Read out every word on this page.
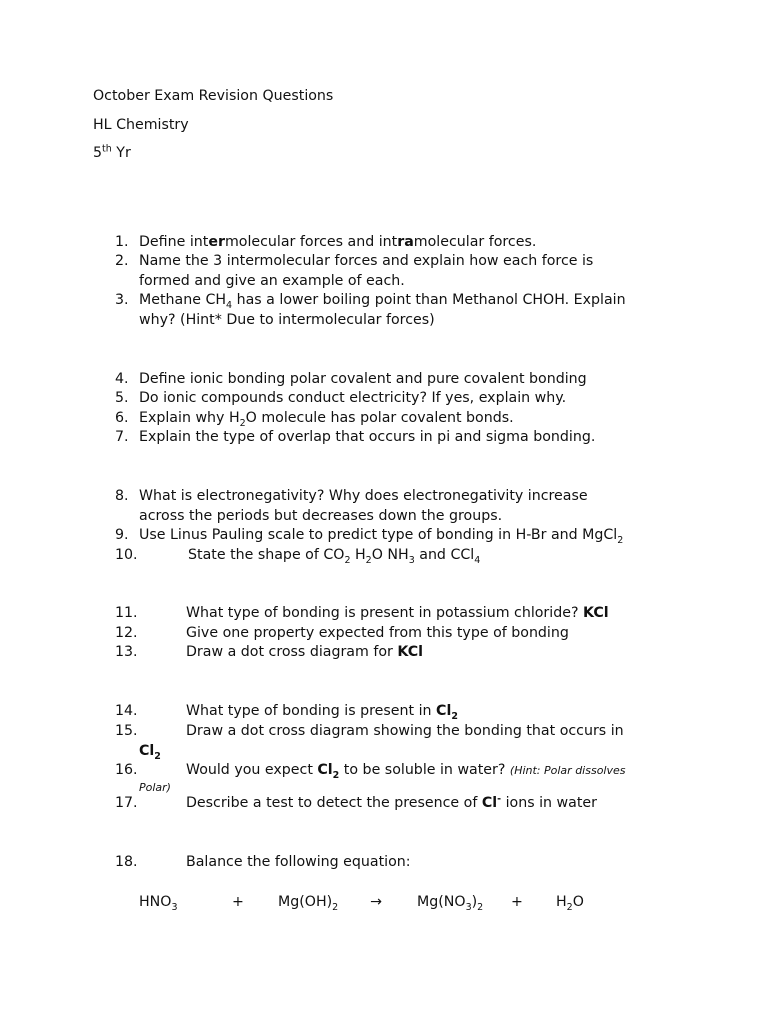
October Exam Revision Questions
HL Chemistry
5th Yr
1. Define intermolecular forces and intramolecular forces.
2. Name the 3 intermolecular forces and explain how each force is
formed and give an example of each.
3. Methane $CH_4$ has a lower boiling point than Methanol CHOH. Explain
why? (Hint* Due to intermolecular forces)
4. Define ionic bonding polar covalent and pure covalent bonding
5. Do ionic compounds conduct electricity? If yes, explain why.
6. Explain why $H_2O$ molecule has polar covalent bonds.
7. Explain the type of overlap that occurs in pi and sigma bonding.
8. What is electronegativity? Why does electronegativity increase
across the periods but decreases down the groups.
9. Use Linus Pauling scale to predict type of bonding in H-Br and MgCl$_2$
10.	State the shape of $CO_2$ $H_2O$ $NH_3$ and CCl$_4$
11.	What type of bonding is present in potassium chloride? KCl
12.	Give one property expected from this type of bonding
13.	Draw a dot cross diagram for KCl
14.	What type of bonding is present in $Cl_2$
15.	Draw a dot cross diagram showing the bonding that occurs in
$Cl_2$
16.	Would you expect $Cl_2$ to be soluble in water? (Hint: Polar dissolves
Polar)
17.	Describe a test to detect the presence of Cl- ions in water
18.	Balance the following equation:
$HNO_3$	+ $Mg(OH)_2 \to Mg(NO_3)_2 + H_2O$
